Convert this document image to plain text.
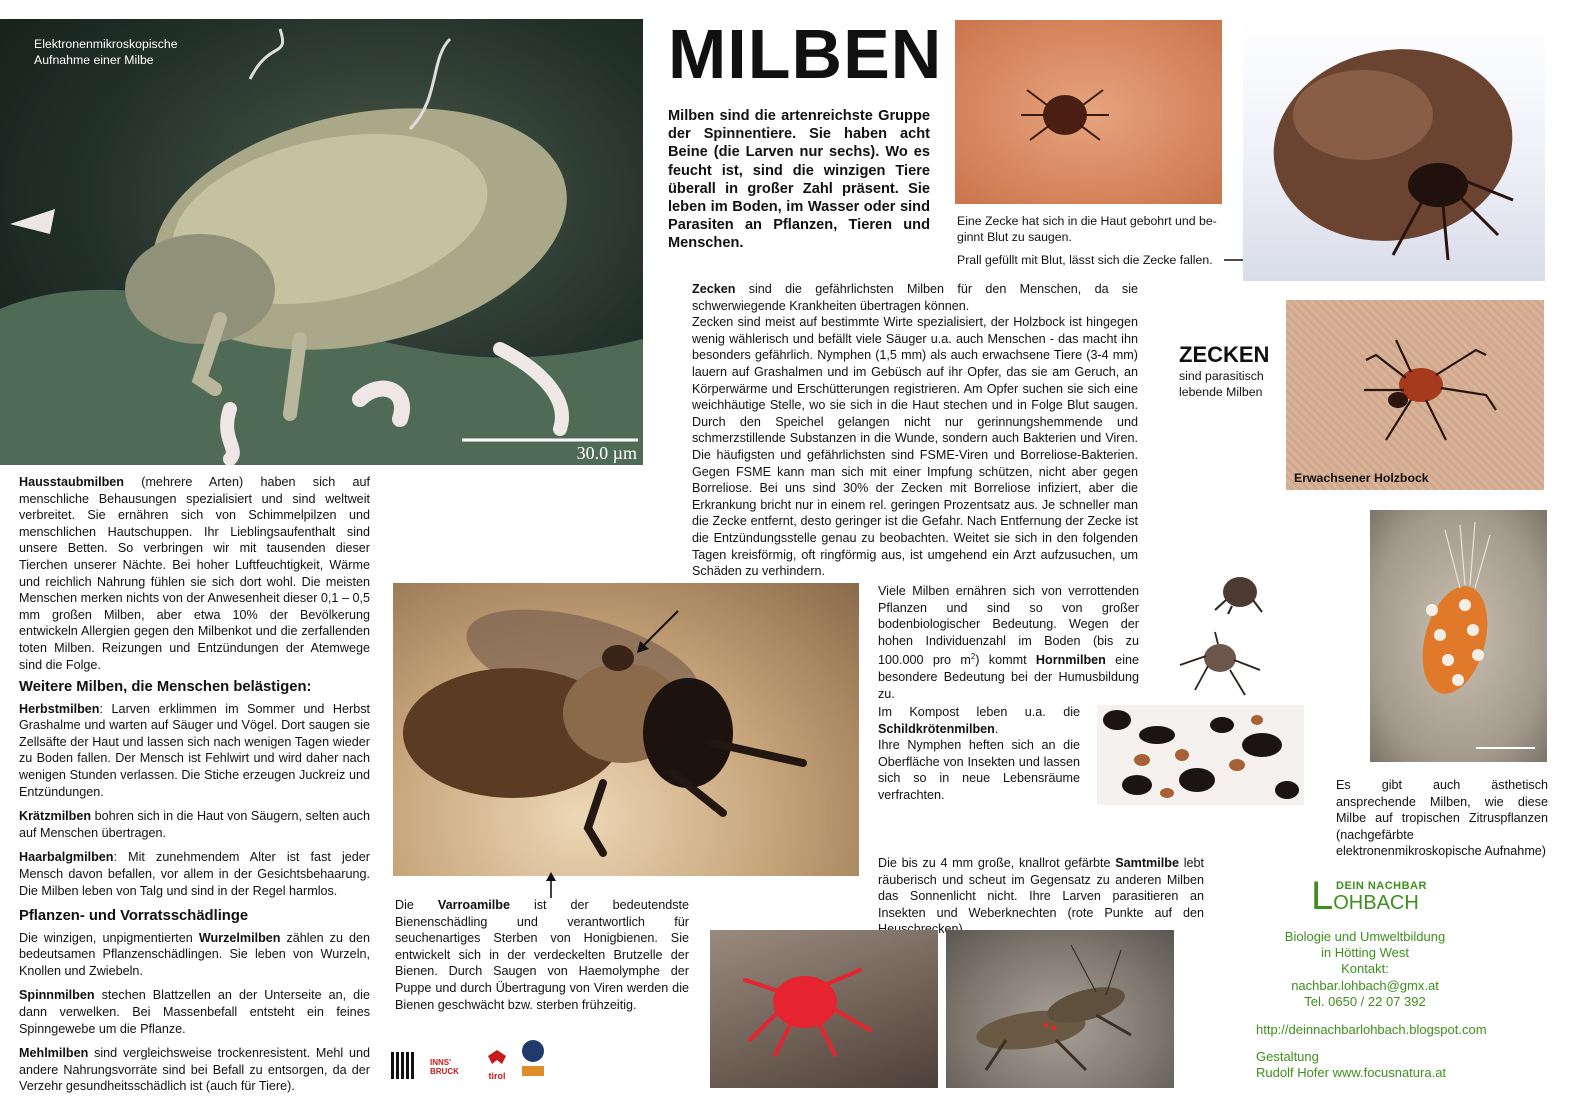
Elektronenmikroskopische
Aufnahme einer Milbe
30.0 µm
MILBEN

Milben sind die artenreichste Gruppe der Spinnentiere. Sie haben acht Beine (die Larven nur sechs). Wo es feucht ist, sind die winzigen Tiere überall in großer Zahl präsent. Sie leben im Boden, im Wasser oder sind Parasiten an Pflanzen, Tieren und Menschen.

Hausstaubmilben (mehrere Arten) haben sich auf menschliche Behausungen spezialisiert und sind weltweit verbreitet. Sie ernähren sich von Schimmelpilzen und menschlichen Hautschuppen. Ihr Lieblingsaufenthalt sind unsere Betten. So verbringen wir mit tausenden dieser Tierchen unserer Nächte. Bei hoher Luftfeuchtigkeit, Wärme und reichlich Nahrung fühlen sie sich dort wohl. Die meisten Menschen merken nichts von der Anwesenheit dieser 0,1 – 0,5 mm großen Milben, aber etwa 10% der Bevölkerung entwickeln Allergien gegen den Milbenkot und die zerfallenden toten Milben. Reizungen und Entzündungen der Atemwege sind die Folge.

Weitere Milben, die Menschen belästigen:

Herbstmilben: Larven erklimmen im Sommer und Herbst Grashalme und warten auf Säuger und Vögel. Dort saugen sie Zellsäfte der Haut und lassen sich nach wenigen Tagen wieder zu Boden fallen. Der Mensch ist Fehlwirt und wird daher nach wenigen Stunden verlassen. Die Stiche erzeugen Juckreiz und Entzündungen.

Krätzmilben bohren sich in die Haut von Säugern, selten auch auf Menschen übertragen.

Haarbalgmilben: Mit zunehmendem Alter ist fast jeder Mensch davon befallen, vor allem in der Gesichtsbehaarung. Die Milben leben von Talg und sind in der Regel harmlos.

Pflanzen- und Vorratsschädlinge

Die winzigen, unpigmentierten Wurzelmilben zählen zu den bedeutsamen Pflanzenschädlingen. Sie leben von Wurzeln, Knollen und Zwiebeln.

Spinnmilben stechen Blattzellen an der Unterseite an, die dann verwelken. Bei Massenbefall entsteht ein feines Spinngewebe um die Pflanze.

Mehlmilben sind vergleichsweise trockenresistent. Mehl und andere Nahrungsvorräte sind bei Befall zu entsorgen, da der Verzehr gesundheitsschädlich ist (auch für Tiere).

Eine Zecke hat sich in die Haut gebohrt und be-
ginnt Blut zu saugen.
Prall gefüllt mit Blut, lässt sich die Zecke fallen.
Erwachsener Holzbock
ZECKEN
sind parasitisch
lebende Milben

Zecken sind die gefährlichsten Milben für den Menschen, da sie schwerwiegende Krankheiten übertragen können.

Zecken sind meist auf bestimmte Wirte spezialisiert, der Holzbock ist hingegen wenig wählerisch und befällt viele Säuger u.a. auch Menschen - das macht ihn besonders gefährlich. Nymphen (1,5 mm) als auch erwachsene Tiere (3-4 mm) lauern auf Grashalmen und im Gebüsch auf ihr Opfer, das sie am Geruch, an Körperwärme und Erschütterungen registrieren. Am Opfer suchen sie sich eine weichhäutige Stelle, wo sie sich in die Haut stechen und in Folge Blut saugen. Durch den Speichel gelangen nicht nur gerinnungshemmende und schmerzstillende Substanzen in die Wunde, sondern auch Bakterien und Viren. Die häufigsten und gefährlichsten sind FSME-Viren und Borreliose-Bakterien. Gegen FSME kann man sich mit einer Impfung schützen, nicht aber gegen Borreliose. Bei uns sind 30% der Zecken mit Borreliose infiziert, aber die Erkrankung bricht nur in einem rel. geringen Prozentsatz aus. Je schneller man die Zecke entfernt, desto geringer ist die Gefahr. Nach Entfernung der Zecke ist die Entzündungsstelle genau zu beobachten. Weitet sie sich in den folgenden Tagen kreisförmig, oft ringförmig aus, ist umgehend ein Arzt aufzusuchen, um Schäden zu verhindern.

Die Varroamilbe ist der bedeutendste Bienenschädling und verantwortlich für seuchenartiges Sterben von Honigbienen. Sie entwickelt sich in der verdeckelten Brutzelle der Bienen. Durch Saugen von Haemolymphe der Puppe und durch Übertragung von Viren werden die Bienen geschwächt bzw. sterben frühzeitig.

INNS'
BRUCK	tirol

Viele Milben ernähren sich von verrottenden Pflanzen und sind so von großer bodenbiologischer Bedeutung. Wegen der hohen Individuenzahl im Boden (bis zu 100.000 pro $m^2$) kommt Hornmilben eine besondere Bedeutung bei der Humusbildung zu.

Im Kompost leben u.a. die Schildkrötenmilben.

Ihre Nymphen heften sich an die Oberfläche von Insekten und lassen sich so in neue Lebensräume verfrachten.

Es gibt auch ästhetisch ansprechende Milben, wie diese Milbe auf tropischen Zitruspflanzen (nachgefärbte elektronenmikroskopische Aufnahme)

Die bis zu 4 mm große, knallrot gefärbte Samtmilbe lebt räuberisch und scheut im Gegensatz zu anderen Milben das Sonnenlicht nicht. Ihre Larven parasitieren an Insekten und Weberknechten (rote Punkte auf den

DEIN NACHBAR
LOHBACH
Biologie und Umweltbildung
in Hötting West
Kontakt:
nachbar.lohbach@gmx.at
Tel. 0650 / 22 07 392
http://deinnachbarlohbach.blogspot.com
Gestaltung
Rudolf Hofer www.focusnatura.at
